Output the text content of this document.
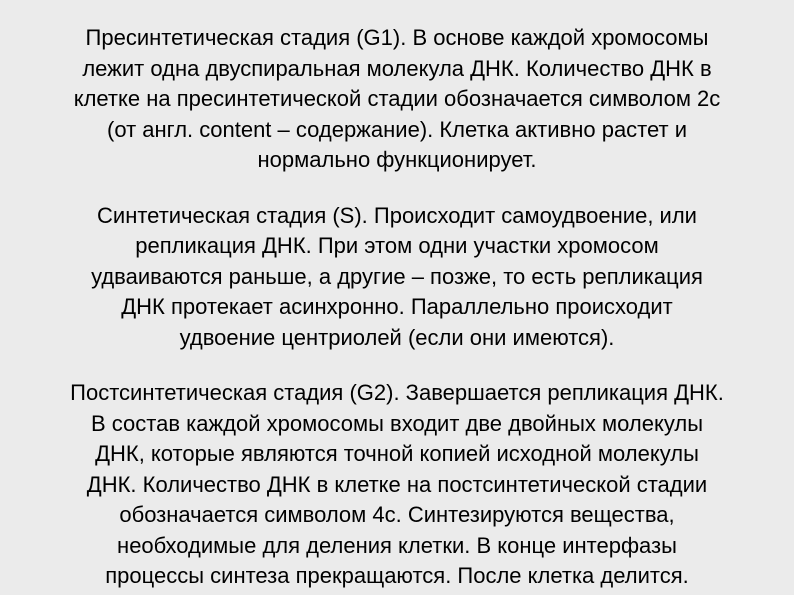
Пресинтетическая стадия (G1). В основе каждой хромосомы
лежит одна двуспиральная молекула ДНК. Количество ДНК в
клетке на пресинтетической стадии обозначается символом 2с
(от англ. content – содержание). Клетка активно растет и
нормально функционирует.

Синтетическая стадия (S). Происходит самоудвоение, или
репликация ДНК. При этом одни участки хромосом
удваиваются раньше, а другие – позже, то есть репликация
ДНК протекает асинхронно. Параллельно происходит
удвоение центриолей (если они имеются).

Постсинтетическая стадия (G2). Завершается репликация ДНК.
В состав каждой хромосомы входит две двойных молекулы
ДНК, которые являются точной копией исходной молекулы
ДНК. Количество ДНК в клетке на постсинтетической стадии
обозначается символом 4с. Синтезируются вещества,
необходимые для деления клетки. В конце интерфазы
процессы синтеза прекращаются. После клетка делится.
